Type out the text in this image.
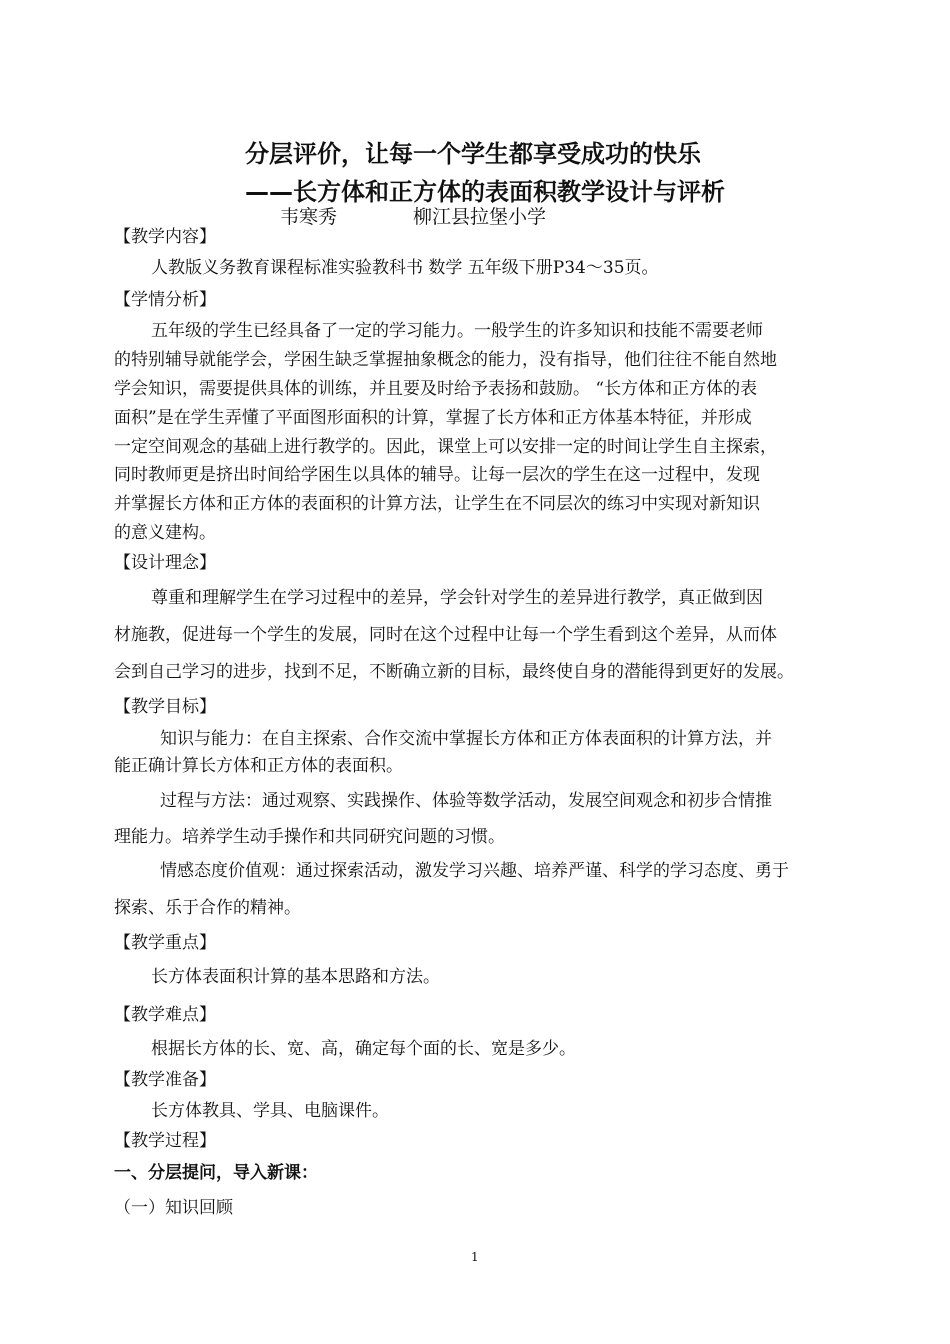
分层评价，让每一个学生都享受成功的快乐
——长方体和正方体的表面积教学设计与评析
韦寒秀	柳江县拉堡小学
【教学内容】
人教版义务教育课程标准实验教科书 数学 五年级下册P34～35页。
【学情分析】
五年级的学生已经具备了一定的学习能力。一般学生的许多知识和技能不需要老师
的特别辅导就能学会，学困生缺乏掌握抽象概念的能力，没有指导，他们往往不能自然地
学会知识，需要提供具体的训练，并且要及时给予表扬和鼓励。 “长方体和正方体的表
面积”是在学生弄懂了平面图形面积的计算，掌握了长方体和正方体基本特征，并形成
一定空间观念的基础上进行教学的。因此，课堂上可以安排一定的时间让学生自主探索，
同时教师更是挤出时间给学困生以具体的辅导。让每一层次的学生在这一过程中，发现
并掌握长方体和正方体的表面积的计算方法，让学生在不同层次的练习中实现对新知识
的意义建构。
【设计理念】
尊重和理解学生在学习过程中的差异，学会针对学生的差异进行教学，真正做到因
材施教，促进每一个学生的发展，同时在这个过程中让每一个学生看到这个差异，从而体
会到自己学习的进步，找到不足，不断确立新的目标，最终使自身的潜能得到更好的发展。
【教学目标】
知识与能力：在自主探索、合作交流中掌握长方体和正方体表面积的计算方法，并
能正确计算长方体和正方体的表面积。
过程与方法：通过观察、实践操作、体验等数学活动，发展空间观念和初步合情推
理能力。培养学生动手操作和共同研究问题的习惯。
情感态度价值观：通过探索活动，激发学习兴趣、培养严谨、科学的学习态度、勇于
探索、乐于合作的精神。
【教学重点】
长方体表面积计算的基本思路和方法。
【教学难点】
根据长方体的长、宽、高，确定每个面的长、宽是多少。
【教学准备】
长方体教具、学具、电脑课件。
【教学过程】
一、分层提问，导入新课：
（一）知识回顾
1
